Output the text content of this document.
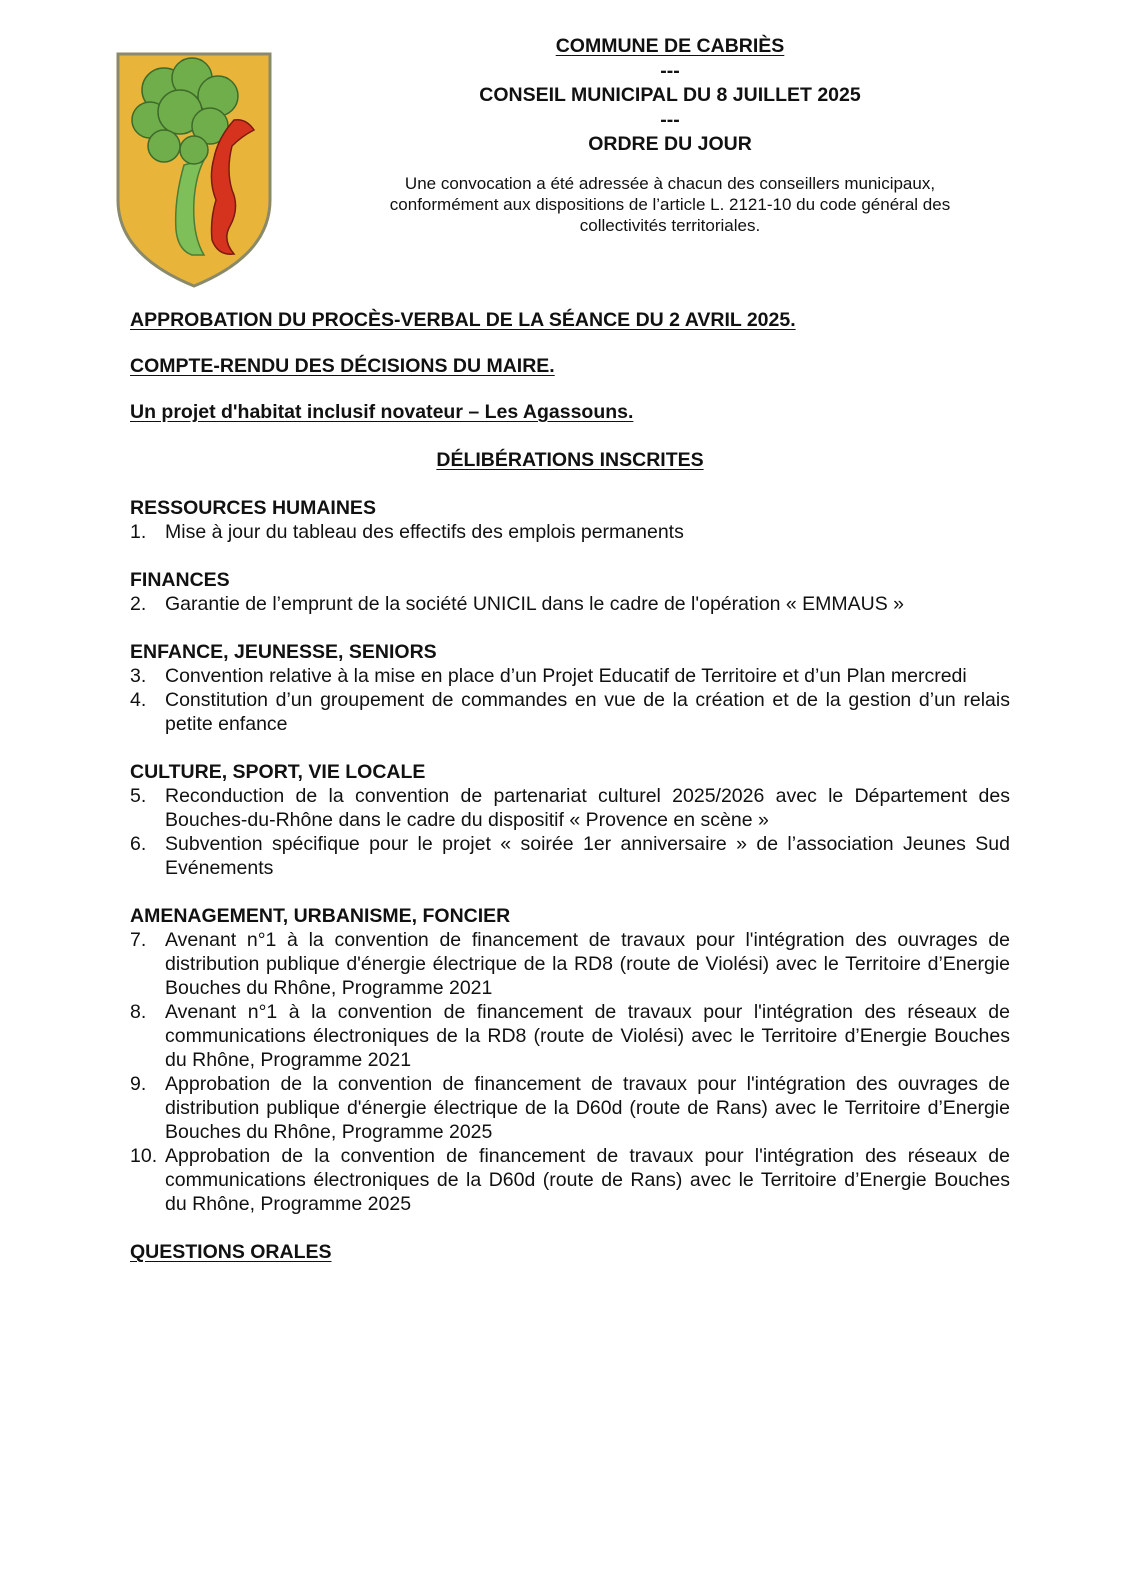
COMMUNE DE CABRIÈS
---
CONSEIL MUNICIPAL DU 8 JUILLET 2025
---
ORDRE DU JOUR
Une convocation a été adressée à chacun des conseillers municipaux,
conformément aux dispositions de l’article L. 2121-10 du code général des
collectivités territoriales.
APPROBATION DU PROCÈS-VERBAL DE LA SÉANCE DU 2 AVRIL 2025.
COMPTE-RENDU DES DÉCISIONS DU MAIRE.
Un projet d'habitat inclusif novateur – Les Agassouns.
DÉLIBÉRATIONS INSCRITES
RESSOURCES HUMAINES
1. Mise à jour du tableau des effectifs des emplois permanents
FINANCES
2. Garantie de l’emprunt de la société UNICIL dans le cadre de l'opération « EMMAUS »
ENFANCE, JEUNESSE, SENIORS
3. Convention relative à la mise en place d’un Projet Educatif de Territoire et d’un Plan mercredi
4. Constitution d’un groupement de commandes en vue de la création et de la gestion d’un relais petite enfance
CULTURE, SPORT, VIE LOCALE
5. Reconduction de la convention de partenariat culturel 2025/2026 avec le Département des Bouches-du-Rhône dans le cadre du dispositif « Provence en scène »
6. Subvention spécifique pour le projet « soirée 1er anniversaire » de l’association Jeunes Sud Evénements
AMENAGEMENT, URBANISME, FONCIER
7. Avenant n°1 à la convention de financement de travaux pour l'intégration des ouvrages de distribution publique d'énergie électrique de la RD8 (route de Violési) avec le Territoire d’Energie Bouches du Rhône, Programme 2021
8. Avenant n°1 à la convention de financement de travaux pour l'intégration des réseaux de communications électroniques de la RD8 (route de Violési) avec le Territoire d’Energie Bouches du Rhône, Programme 2021
9. Approbation de la convention de financement de travaux pour l'intégration des ouvrages de distribution publique d'énergie électrique de la D60d (route de Rans) avec le Territoire d’Energie Bouches du Rhône, Programme 2025
10. Approbation de la convention de financement de travaux pour l'intégration des réseaux de communications électroniques de la D60d (route de Rans) avec le Territoire d’Energie Bouches du Rhône, Programme 2025
QUESTIONS ORALES
